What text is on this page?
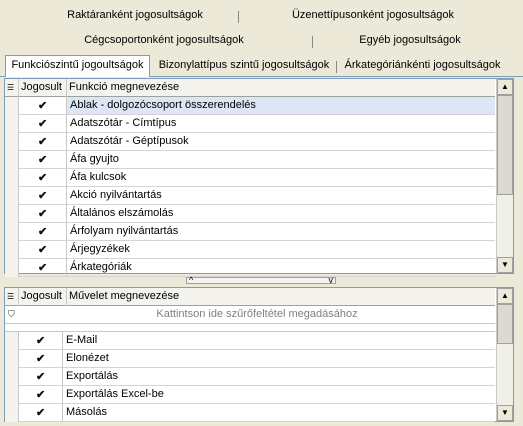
Raktáranként jogosultságok	Üzenettípusonként jogosultságok
Cégcsoportonként jogosultságok	Egyéb jogosultságok
Funkciószintű jogoultságok	Bizonylattípus szintű jogosultságok	Árkategóriánkénti jogosultságok
☰ Jogosult Funkció megnevezése
✔ Ablak - dolgozócsoport összerendelés
✔ Adatszótár - Címtípus
✔ Adatszótár - Géptípusok
✔ Áfa gyujto
✔ Áfa kulcsok
✔ Akció nyilvántartás
✔ Általános elszámolás
✔ Árfolyam nyilvántartás
✔ Árjegyzékek
✔ Árkategóriák
▲
▼
^	v
☰ Jogosult Művelet megnevezése
⛉	Kattintson ide szűrőfeltétel megadásához
✔ E-Mail
✔ Elonézet
✔ Exportálás
✔ Exportálás Excel-be
✔ Másolás
▲
▼
